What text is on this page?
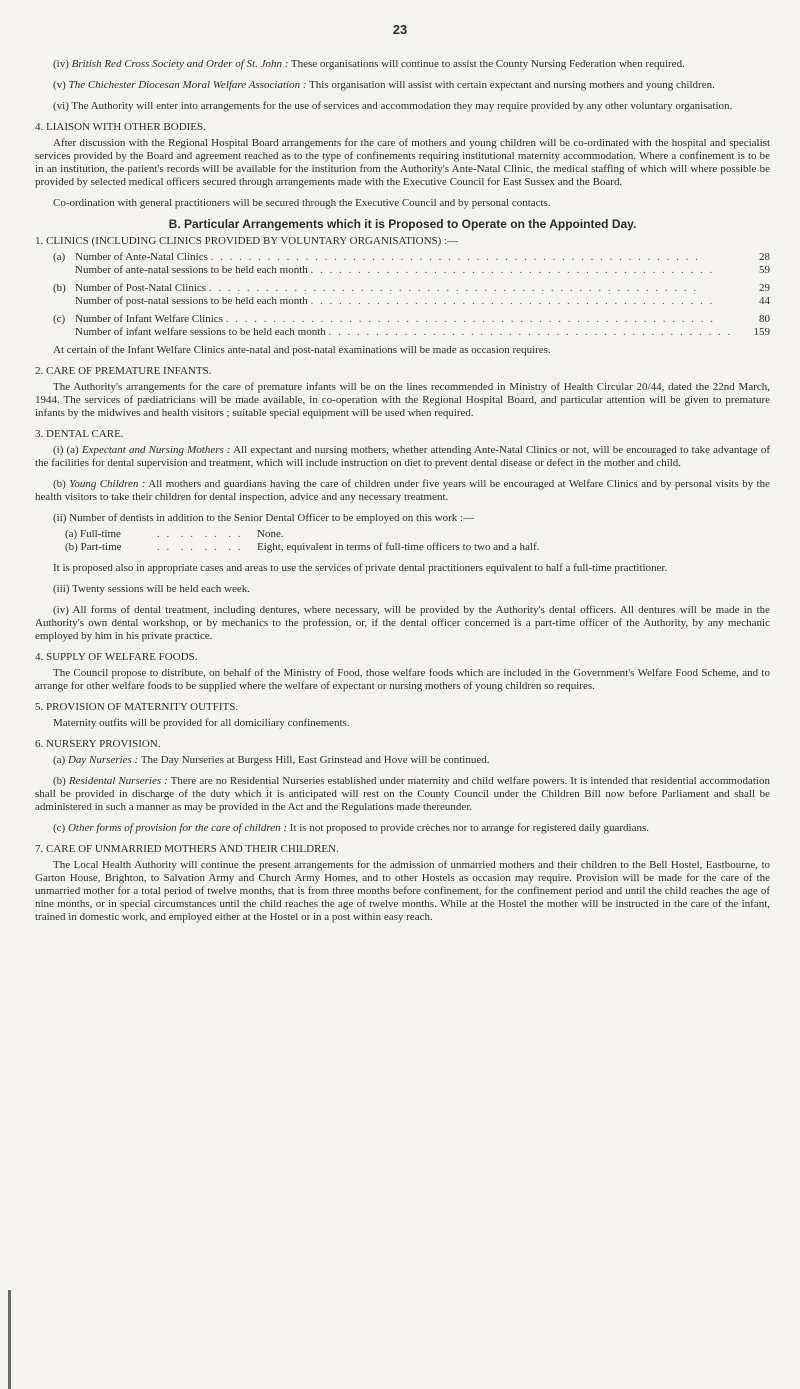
23

(iv) British Red Cross Society and Order of St. John : These organisations will continue to assist the County Nursing Federation when required.

(v) The Chichester Diocesan Moral Welfare Association : This organisation will assist with certain expectant and nursing mothers and young children.

(vi) The Authority will enter into arrangements for the use of services and accommodation they may require provided by any other voluntary organisation.

4. LIAISON WITH OTHER BODIES.

After discussion with the Regional Hospital Board arrangements for the care of mothers and young children will be co-ordinated with the hospital and specialist services provided by the Board and agreement reached as to the type of confinements requiring institutional maternity accommodation. Where a confinement is to be in an institution, the patient's records will be available for the institution from the Authority's Ante-Natal Clinic, the medical staffing of which will where possible be provided by selected medical officers secured through arrangements made with the Executive Council for East Sussex and the Board.

Co-ordination with general practitioners will be secured through the Executive Council and by personal contacts.

B. Particular Arrangements which it is Proposed to Operate on the Appointed Day.

1. CLINICS (INCLUDING CLINICS PROVIDED BY VOLUNTARY ORGANISATIONS) :—

(a) Number of Ante-Natal Clinics . . . . . . . . . . . . . . . . . . . . . . . . . . . . . . . . . . . . . . . . . . . . . . . . . . . .	28
Number of ante-natal sessions to be held each month . . . . . . . . . . . . . . . . . . . . . . . . . . . . . . . . . . . . . . . . . . .	59
(b) Number of Post-Natal Clinics . . . . . . . . . . . . . . . . . . . . . . . . . . . . . . . . . . . . . . . . . . . . . . . . . . . .	29
Number of post-natal sessions to be held each month . . . . . . . . . . . . . . . . . . . . . . . . . . . . . . . . . . . . . . . . . . .	44
(c) Number of Infant Welfare Clinics . . . . . . . . . . . . . . . . . . . . . . . . . . . . . . . . . . . . . . . . . . . . . . . . . . . .	80
Number of infant welfare sessions to be held each month . . . . . . . . . . . . . . . . . . . . . . . . . . . . . . . . . . . . . . . . . . .	159

At certain of the Infant Welfare Clinics ante-natal and post-natal examinations will be made as occasion requires.

2. CARE OF PREMATURE INFANTS.

The Authority's arrangements for the care of premature infants will be on the lines recommended in Ministry of Health Circular 20/44, dated the 22nd March, 1944. The services of pædiatricians will be made available, in co-operation with the Regional Hospital Board, and particular attention will be given to premature infants by the midwives and health visitors ; suitable special equipment will be used when required.

3. DENTAL CARE.

(i) (a) Expectant and Nursing Mothers : All expectant and nursing mothers, whether attending Ante-Natal Clinics or not, will be encouraged to take advantage of the facilities for dental supervision and treatment, which will include instruction on diet to prevent dental disease or defect in the mother and child.

(b) Young Children : All mothers and guardians having the care of children under five years will be encouraged at Welfare Clinics and by personal visits by the health visitors to take their children for dental inspection, advice and any necessary treatment.

(ii) Number of dentists in addition to the Senior Dental Officer to be employed on this work :—

(a) Full-time	. .  . .  . .  . .	None.
(b) Part-time	. .  . .  . .  . .	Eight, equivalent in terms of full-time officers to two and a half.

It is proposed also in appropriate cases and areas to use the services of private dental practitioners equivalent to half a full-time practitioner.

(iii) Twenty sessions will be held each week.

(iv) All forms of dental treatment, including dentures, where necessary, will be provided by the Authority's dental officers. All dentures will be made in the Authority's own dental workshop, or by mechanics to the profession, or, if the dental officer concerned is a part-time officer of the Authority, by any mechanic employed by him in his private practice.

4. SUPPLY OF WELFARE FOODS.

The Council propose to distribute, on behalf of the Ministry of Food, those welfare foods which are included in the Government's Welfare Food Scheme, and to arrange for other welfare foods to be supplied where the welfare of expectant or nursing mothers of young children so requires.

5. PROVISION OF MATERNITY OUTFITS.

Maternity outfits will be provided for all domiciliary confinements.

6. NURSERY PROVISION.

(a) Day Nurseries : The Day Nurseries at Burgess Hill, East Grinstead and Hove will be continued.

(b) Residental Nurseries : There are no Residential Nurseries established under maternity and child welfare powers. It is intended that residential accommodation shall be provided in discharge of the duty which it is anticipated will rest on the County Council under the Children Bill now before Parliament and shall be administered in such a manner as may be provided in the Act and the Regulations made thereunder.

(c) Other forms of provision for the care of children : It is not proposed to provide crèches nor to arrange for registered daily guardians.

7. CARE OF UNMARRIED MOTHERS AND THEIR CHILDREN.

The Local Health Authority will continue the present arrangements for the admission of unmarried mothers and their children to the Bell Hostel, Eastbourne, to Garton House, Brighton, to Salvation Army and Church Army Homes, and to other Hostels as occasion may require. Provision will be made for the care of the unmarried mother for a total period of twelve months, that is from three months before confinement, for the confinement period and until the child reaches the age of nine months, or in special circumstances until the child reaches the age of twelve months. While at the Hostel the mother will be instructed in the care of the infant, trained in domestic work, and employed either at the Hostel or in a post within easy reach.
